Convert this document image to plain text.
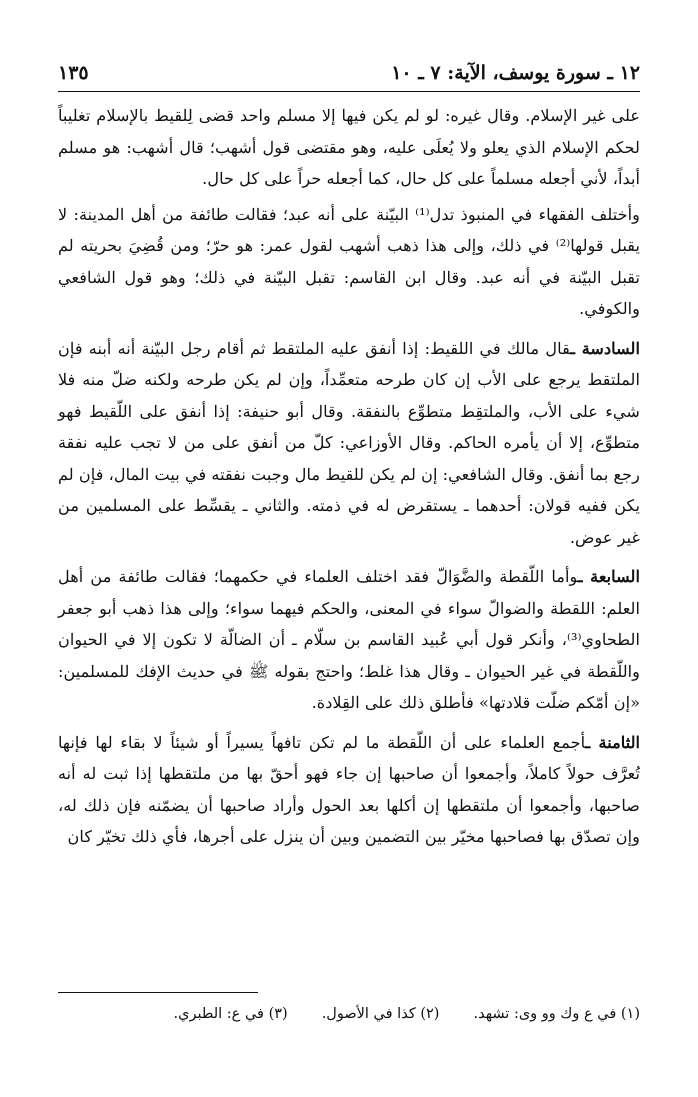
١٢ ـ سورة يوسف، الآية: ٧ ـ ١٠
١٣٥

على غير الإسلام. وقال غيره: لو لم يكن فيها إلا مسلم واحد قضى لِلقيط بالإسلام تغليباً لحكم الإسلام الذي يعلو ولا يُعلَى عليه، وهو مقتضى قول أشهب؛ قال أشهب: هو مسلم أبداً، لأني أجعله مسلماً على كل حال، كما أجعله حراً على كل حال.

وأختلف الفقهاء في المنبوذ تدل⁽¹⁾ البيّنة على أنه عبد؛ فقالت طائفة من أهل المدينة: لا يقبل قولها⁽²⁾ في ذلك، وإلى هذا ذهب أشهب لقول عمر: هو حرّ؛ ومن قُضِيَ بحريته لم تقبل البيّنة في أنه عبد. وقال ابن القاسم: تقبل البيّنة في ذلك؛ وهو قول الشافعي والكوفي.

السادسة ـقال مالك في اللقيط: إذا أنفق عليه الملتقط ثم أقام رجل البيّنة أنه أبنه فإن الملتقط يرجع على الأب إن كان طرحه متعمِّداً، وإن لم يكن طرحه ولكنه ضلّ منه فلا شيء على الأب، والملتقِط متطوِّع بالنفقة. وقال أبو حنيفة: إذا أنفق على اللّقيط فهو متطوِّع، إلا أن يأمره الحاكم. وقال الأوزاعي: كلّ من أنفق على من لا تجب عليه نفقة رجع بما أنفق. وقال الشافعي: إن لم يكن للقيط مال وجبت نفقته في بيت المال، فإن لم يكن ففيه قولان: أحدهما ـ يستقرض له في ذمته. والثاني ـ يقسِّط على المسلمين من غير عوض.

السابعة ـوأما اللّقطة والضَّوَالّ فقد اختلف العلماء في حكمهما؛ فقالت طائفة من أهل العلم: اللقطة والضوالّ سواء في المعنى، والحكم فيهما سواء؛ وإلى هذا ذهب أبو جعفر الطحاوي⁽³⁾، وأنكر قول أبي عُبيد القاسم بن سلّام ـ أن الضالّة لا تكون إلا في الحيوان واللّقطة في غير الحيوان ـ وقال هذا غلط؛ واحتج بقوله ﷺ في حديث الإفك للمسلمين: «إن أمّكم ضلّت قلادتها» فأطلق ذلك على القِلادة.

الثامنة ـأجمع العلماء على أن اللّقطة ما لم تكن تافهاً يسيراً أو شيئاً لا بقاء لها فإنها تُعرَّف حولاً كاملاً، وأجمعوا أن صاحبها إن جاء فهو أحقّ بها من ملتقطها إذا ثبت له أنه صاحبها، وأجمعوا أن ملتقطها إن أكلها بعد الحول وأراد صاحبها أن يضمّنه فإن ذلك له، وإن تصدّق بها فصاحبها مخيّر بين التضمين وبين أن ينزل على أجرها، فأي ذلك تخيّر كان

(١) في ع وك وو وى: تشهد.
(٢) كذا في الأصول.
(٣) في ع: الطبري.
